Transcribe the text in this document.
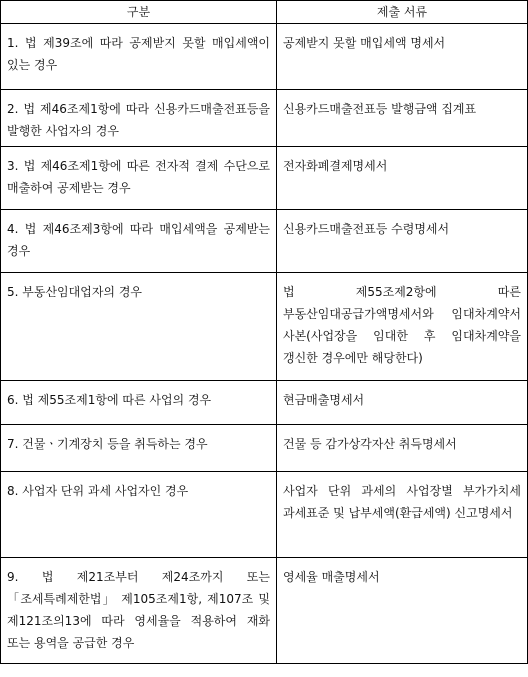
구분	제출 서류
1. 법 제39조에 따라 공제받지 못할 매입세액이 있는 경우	공제받지 못할 매입세액 명세서
2. 법 제46조제1항에 따라 신용카드매출전표등을 발행한 사업자의 경우	신용카드매출전표등 발행금액 집계표
3. 법 제46조제1항에 따른 전자적 결제 수단으로 매출하여 공제받는 경우	전자화폐결제명세서
4. 법 제46조제3항에 따라 매입세액을 공제받는 경우	신용카드매출전표등 수령명세서
5. 부동산임대업자의 경우	법 제55조제2항에 따른 부동산임대공급가액명세서와 임대차계약서 사본(사업장을 임대한 후 임대차계약을 갱신한 경우에만 해당한다)
6. 법 제55조제1항에 따른 사업의 경우	현금매출명세서
7. 건물ㆍ기계장치 등을 취득하는 경우	건물 등 감가상각자산 취득명세서
8. 사업자 단위 과세 사업자인 경우	사업자 단위 과세의 사업장별 부가가치세 과세표준 및 납부세액(환급세액) 신고명세서
9. 법 제21조부터 제24조까지 또는 「조세특례제한법」 제105조제1항, 제107조 및 제121조의13에 따라 영세율을 적용하여 재화 또는 용역을 공급한 경우	영세율 매출명세서
